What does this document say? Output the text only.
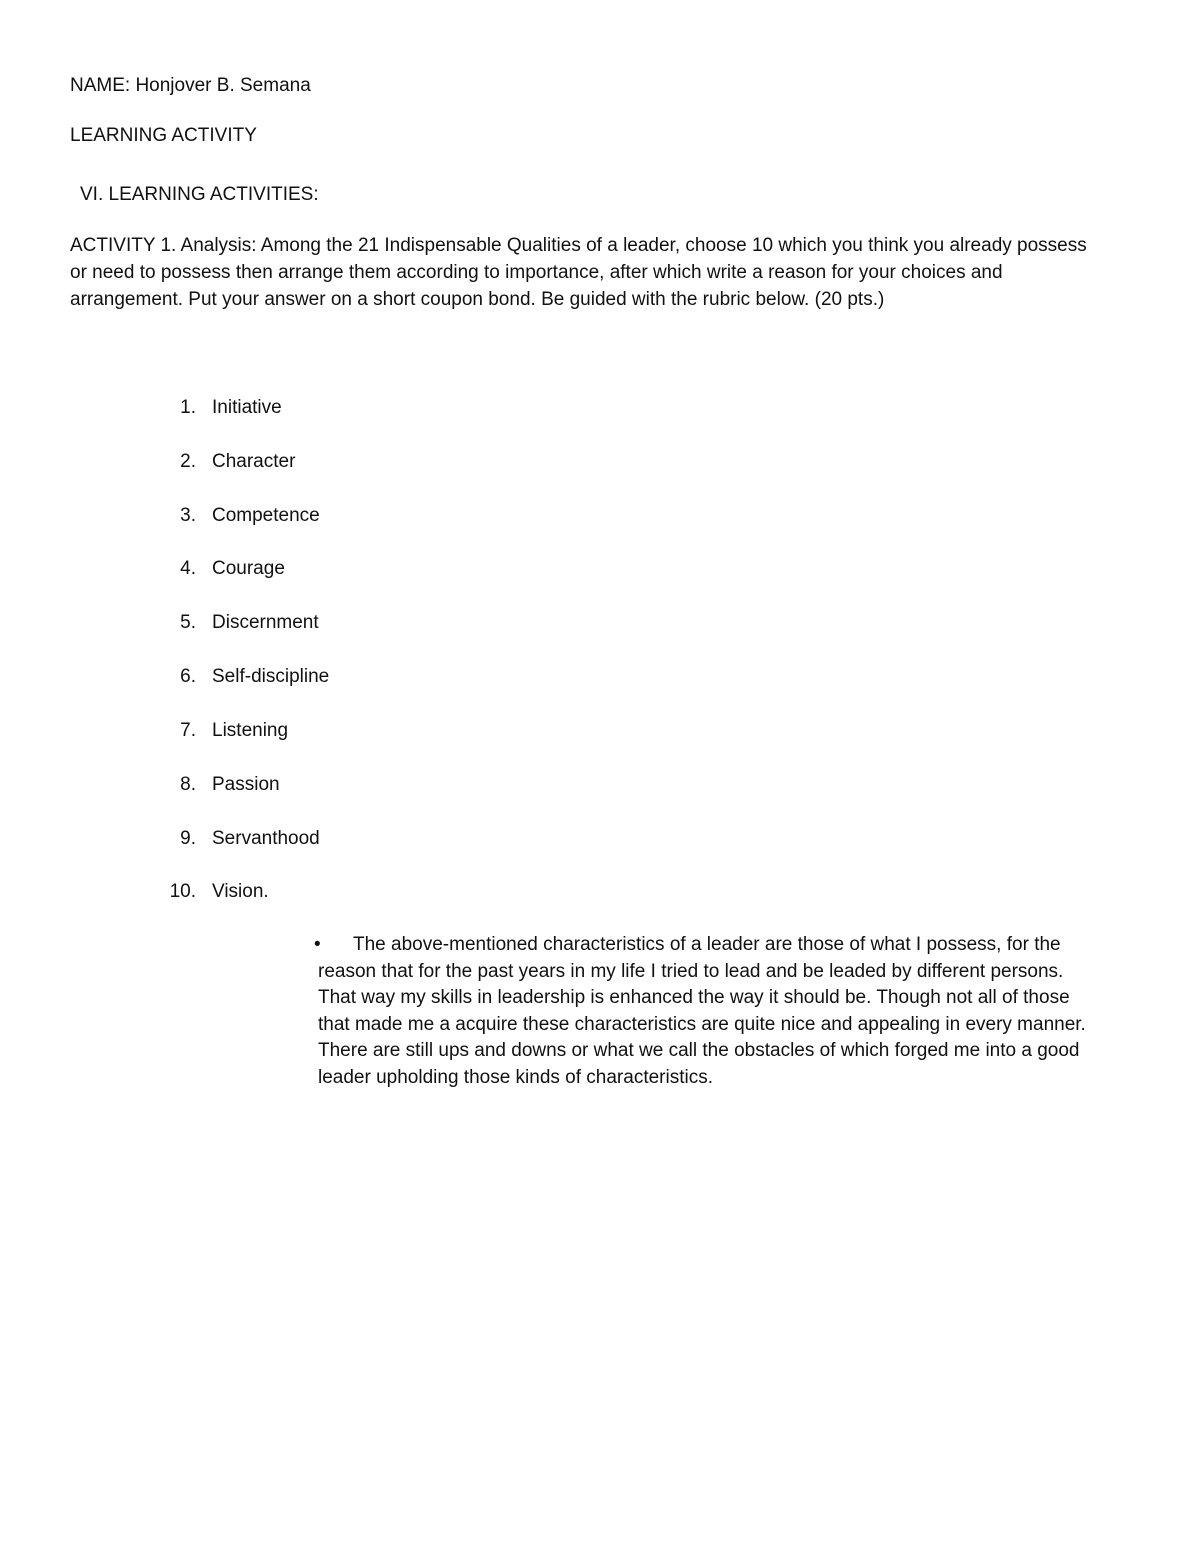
NAME: Honjover B. Semana
LEARNING ACTIVITY
VI. LEARNING ACTIVITIES:
ACTIVITY 1. Analysis: Among the 21 Indispensable Qualities of a leader, choose 10 which you think you already possess
or need to possess then arrange them according to importance, after which write a reason for your choices and
arrangement. Put your answer on a short coupon bond. Be guided with the rubric below. (20 pts.)
1. Initiative
2. Character
3. Competence
4. Courage
5. Discernment
6. Self-discipline
7. Listening
8. Passion
9. Servanthood
10. Vision.
•	The above-mentioned characteristics of a leader are those of what I possess, for the
reason that for the past years in my life I tried to lead and be leaded by different persons.
That way my skills in leadership is enhanced the way it should be. Though not all of those
that made me a acquire these characteristics are quite nice and appealing in every manner.
There are still ups and downs or what we call the obstacles of which forged me into a good
leader upholding those kinds of characteristics.
